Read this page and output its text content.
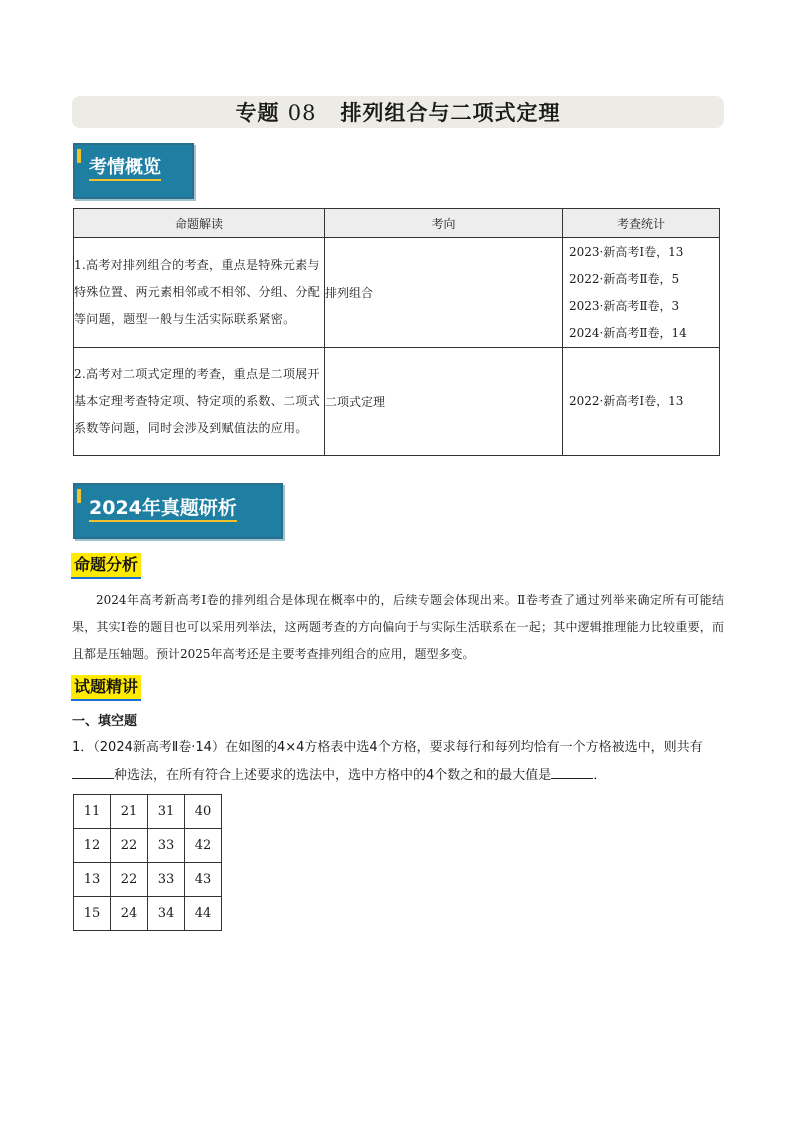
专题 08 排列组合与二项式定理
考情概览
命题解读	考向	考查统计
1.高考对排列组合的考查，重点是特殊元素与特殊位置、两元素相邻或不相邻、分组、分配等问题，题型一般与生活实际联系紧密。	排列组合	2023·新高考Ⅰ卷，13
2022·新高考Ⅱ卷，5
2023·新高考Ⅱ卷，3
2024·新高考Ⅱ卷，14

2.高考对二项式定理的考查，重点是二项展开基本定理考查特定项、特定项的系数、二项式系数等问题，同时会涉及到赋值法的应用。	二项式定理	2022·新高考Ⅰ卷，13
2024年真题研析
命题分析

2024年高考新高考Ⅰ卷的排列组合是体现在概率中的，后续专题会体现出来。Ⅱ卷考查了通过列举来确定所有可能结果，其实Ⅰ卷的题目也可以采用列举法，这两题考查的方向偏向于与实际生活联系在一起；其中逻辑推理能力比较重要，而且都是压轴题。预计2025年高考还是主要考查排列组合的应用，题型多变。

试题精讲
一、填空题
1．（2024新高考Ⅱ卷·14）在如图的4×4方格表中选4个方格，要求每行和每列均恰有一个方格被选中，则共有种选法，在所有符合上述要求的选法中，选中方格中的4个数之和的最大值是	．
11	21	31	40
12	22	33	42
13	22	33	43
15	24	34	44
